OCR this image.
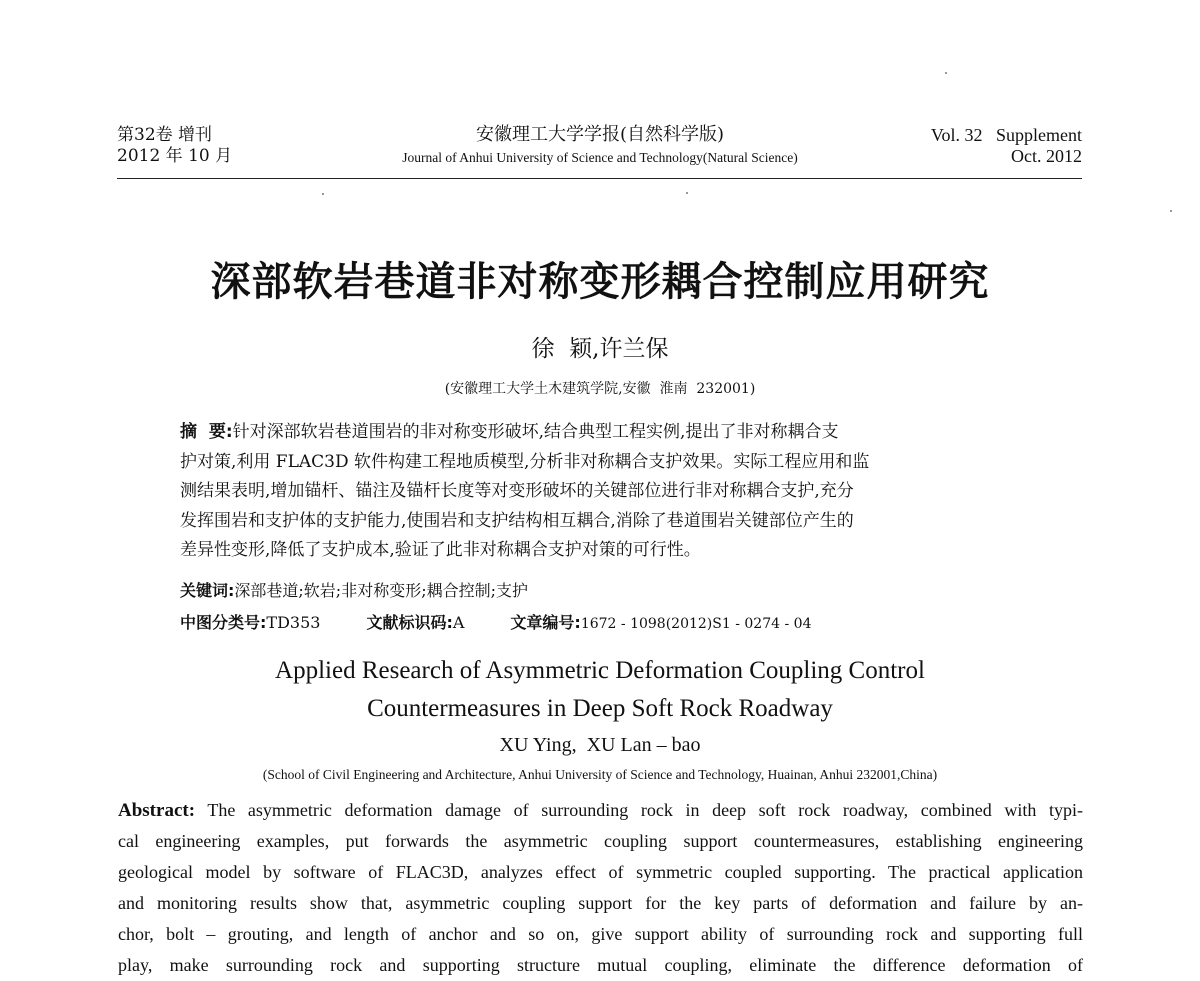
第32卷 增刊
2012 年 10 月
安徽理工大学学报(自然科学版)
Journal of Anhui University of Science and Technology(Natural Science)
Vol. 32   Supplement
Oct. 2012
深部软岩巷道非对称变形耦合控制应用研究
徐  颖,许兰保
(安徽理工大学土木建筑学院,安徽  淮南  232001)
摘  要:针对深部软岩巷道围岩的非对称变形破坏,结合典型工程实例,提出了非对称耦合支
护对策,利用 FLAC3D 软件构建工程地质模型,分析非对称耦合支护效果。实际工程应用和监
测结果表明,增加锚杆、锚注及锚杆长度等对变形破坏的关键部位进行非对称耦合支护,充分
发挥围岩和支护体的支护能力,使围岩和支护结构相互耦合,消除了巷道围岩关键部位产生的
差异性变形,降低了支护成本,验证了此非对称耦合支护对策的可行性。
关键词:深部巷道;软岩;非对称变形;耦合控制;支护
中图分类号:TD353	文献标识码:A	文章编号:1672 - 1098(2012)S1 - 0274 - 04
Applied Research of Asymmetric Deformation Coupling Control
Countermeasures in Deep Soft Rock Roadway
XU Ying,  XU Lan – bao
(School of Civil Engineering and Architecture, Anhui University of Science and Technology, Huainan, Anhui 232001,China)
Abstract: The asymmetric deformation damage of surrounding rock in deep soft rock roadway, combined with typi-
cal engineering examples, put forwards the asymmetric coupling support countermeasures, establishing engineering
geological model by software of FLAC3D, analyzes effect of symmetric coupled supporting. The practical application
and monitoring results show that, asymmetric coupling support for the key parts of deformation and failure by an-
chor, bolt – grouting, and length of anchor and so on, give support ability of surrounding rock and supporting full
play, make surrounding rock and supporting structure mutual coupling, eliminate the difference deformation of
